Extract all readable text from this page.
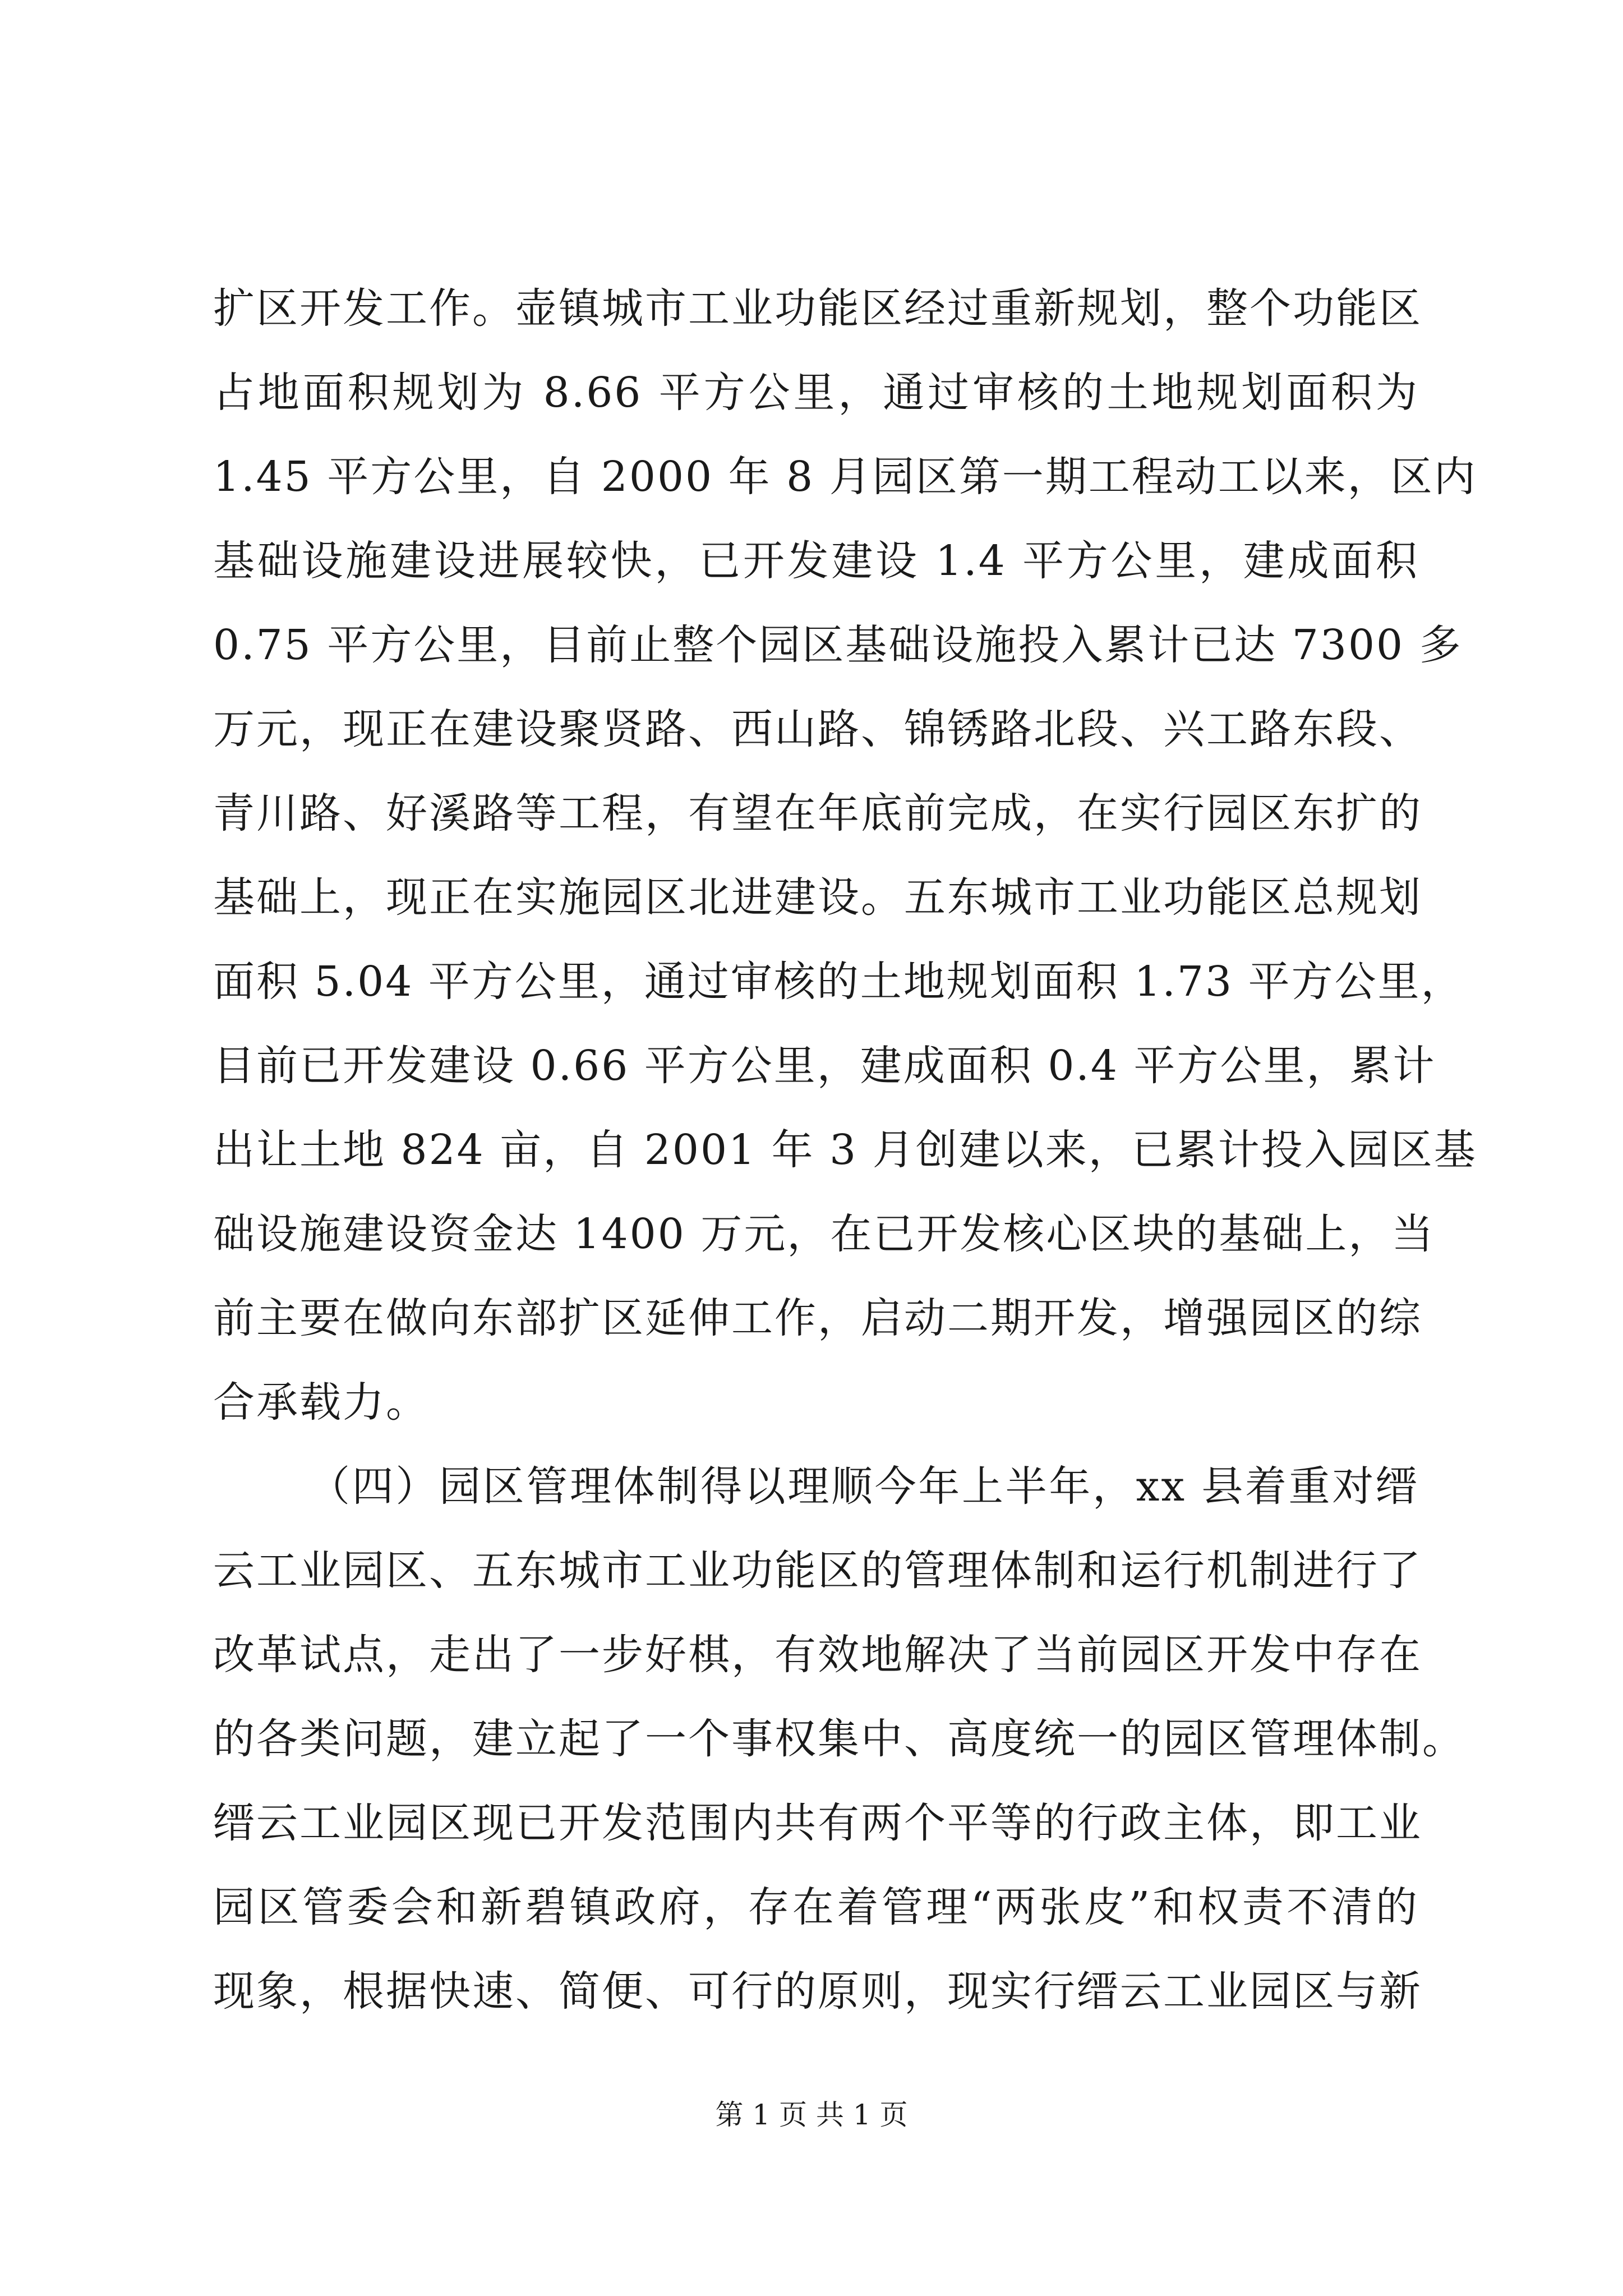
扩区开发工作。壶镇城市工业功能区经过重新规划，整个功能区
占地面积规划为 8.66 平方公里，通过审核的土地规划面积为
1.45 平方公里，自 2000 年 8 月园区第一期工程动工以来，区内
基础设施建设进展较快，已开发建设 1.4 平方公里，建成面积
0.75 平方公里，目前止整个园区基础设施投入累计已达 7300 多
万元，现正在建设聚贤路、西山路、锦锈路北段、兴工路东段、
青川路、好溪路等工程，有望在年底前完成，在实行园区东扩的
基础上，现正在实施园区北进建设。五东城市工业功能区总规划
面积 5.04 平方公里，通过审核的土地规划面积 1.73 平方公里，
目前已开发建设 0.66 平方公里，建成面积 0.4 平方公里，累计
出让土地 824 亩，自 2001 年 3 月创建以来，已累计投入园区基
础设施建设资金达 1400 万元，在已开发核心区块的基础上，当
前主要在做向东部扩区延伸工作，启动二期开发，增强园区的综
合承载力。
（四）园区管理体制得以理顺今年上半年，xx 县着重对缙
云工业园区、五东城市工业功能区的管理体制和运行机制进行了
改革试点，走出了一步好棋，有效地解决了当前园区开发中存在
的各类问题，建立起了一个事权集中、高度统一的园区管理体制。
缙云工业园区现已开发范围内共有两个平等的行政主体，即工业
园区管委会和新碧镇政府，存在着管理“两张皮”和权责不清的
现象，根据快速、简便、可行的原则，现实行缙云工业园区与新
第 1 页 共 1 页
